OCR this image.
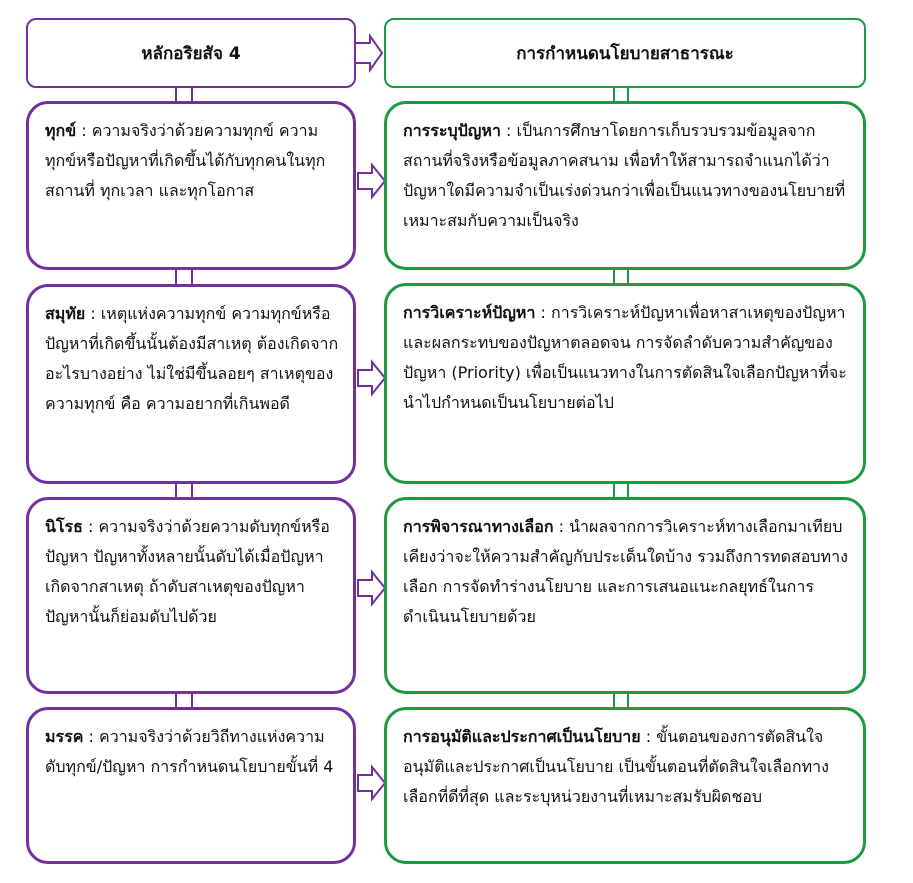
หลักอริยสัจ 4	การกำหนดนโยบายสาธารณะ
ทุกข์ : ความจริงว่าด้วยความทุกข์ ความทุกข์หรือปัญหาที่เกิดขึ้นได้กับทุกคนในทุกสถานที่ ทุกเวลา และทุกโอกาส
สมุทัย : เหตุแห่งความทุกข์ ความทุกข์หรือปัญหาที่เกิดขึ้นนั้นต้องมีสาเหตุ ต้องเกิดจากอะไรบางอย่าง ไม่ใช่มีขึ้นลอยๆ สาเหตุของความทุกข์ คือ ความอยากที่เกินพอดี
นิโรธ : ความจริงว่าด้วยความดับทุกข์หรือปัญหา ปัญหาทั้งหลายนั้นดับได้เมื่อปัญหาเกิดจากสาเหตุ ถ้าดับสาเหตุของปัญหา ปัญหานั้นก็ย่อมดับไปด้วย
มรรค : ความจริงว่าด้วยวิถีทางแห่งความดับทุกข์/ปัญหา การกำหนดนโยบายขั้นที่ 4
การระบุปัญหา : เป็นการศึกษาโดยการเก็บรวบรวมข้อมูลจากสถานที่จริงหรือข้อมูลภาคสนาม เพื่อทำให้สามารถจำแนกได้ว่าปัญหาใดมีความจำเป็นเร่งด่วนกว่าเพื่อเป็นแนวทางของนโยบายที่เหมาะสมกับความเป็นจริง
การวิเคราะห์ปัญหา : การวิเคราะห์ปัญหาเพื่อหาสาเหตุของปัญหาและผลกระทบของปัญหาตลอดจน การจัดลำดับความสำคัญของปัญหา (Priority) เพื่อเป็นแนวทางในการตัดสินใจเลือกปัญหาที่จะนำไปกำหนดเป็นนโยบายต่อไป
การพิจารณาทางเลือก : นำผลจากการวิเคราะห์ทางเลือกมาเทียบเคียงว่าจะให้ความสำคัญกับประเด็นใดบ้าง รวมถึงการทดสอบทางเลือก การจัดทำร่างนโยบาย และการเสนอแนะกลยุทธ์ในการดำเนินนโยบายด้วย
การอนุมัติและประกาศเป็นนโยบาย : ขั้นตอนของการตัดสินใจอนุมัติและประกาศเป็นนโยบาย เป็นขั้นตอนที่ตัดสินใจเลือกทางเลือกที่ดีที่สุด และระบุหน่วยงานที่เหมาะสมรับผิดชอบ
